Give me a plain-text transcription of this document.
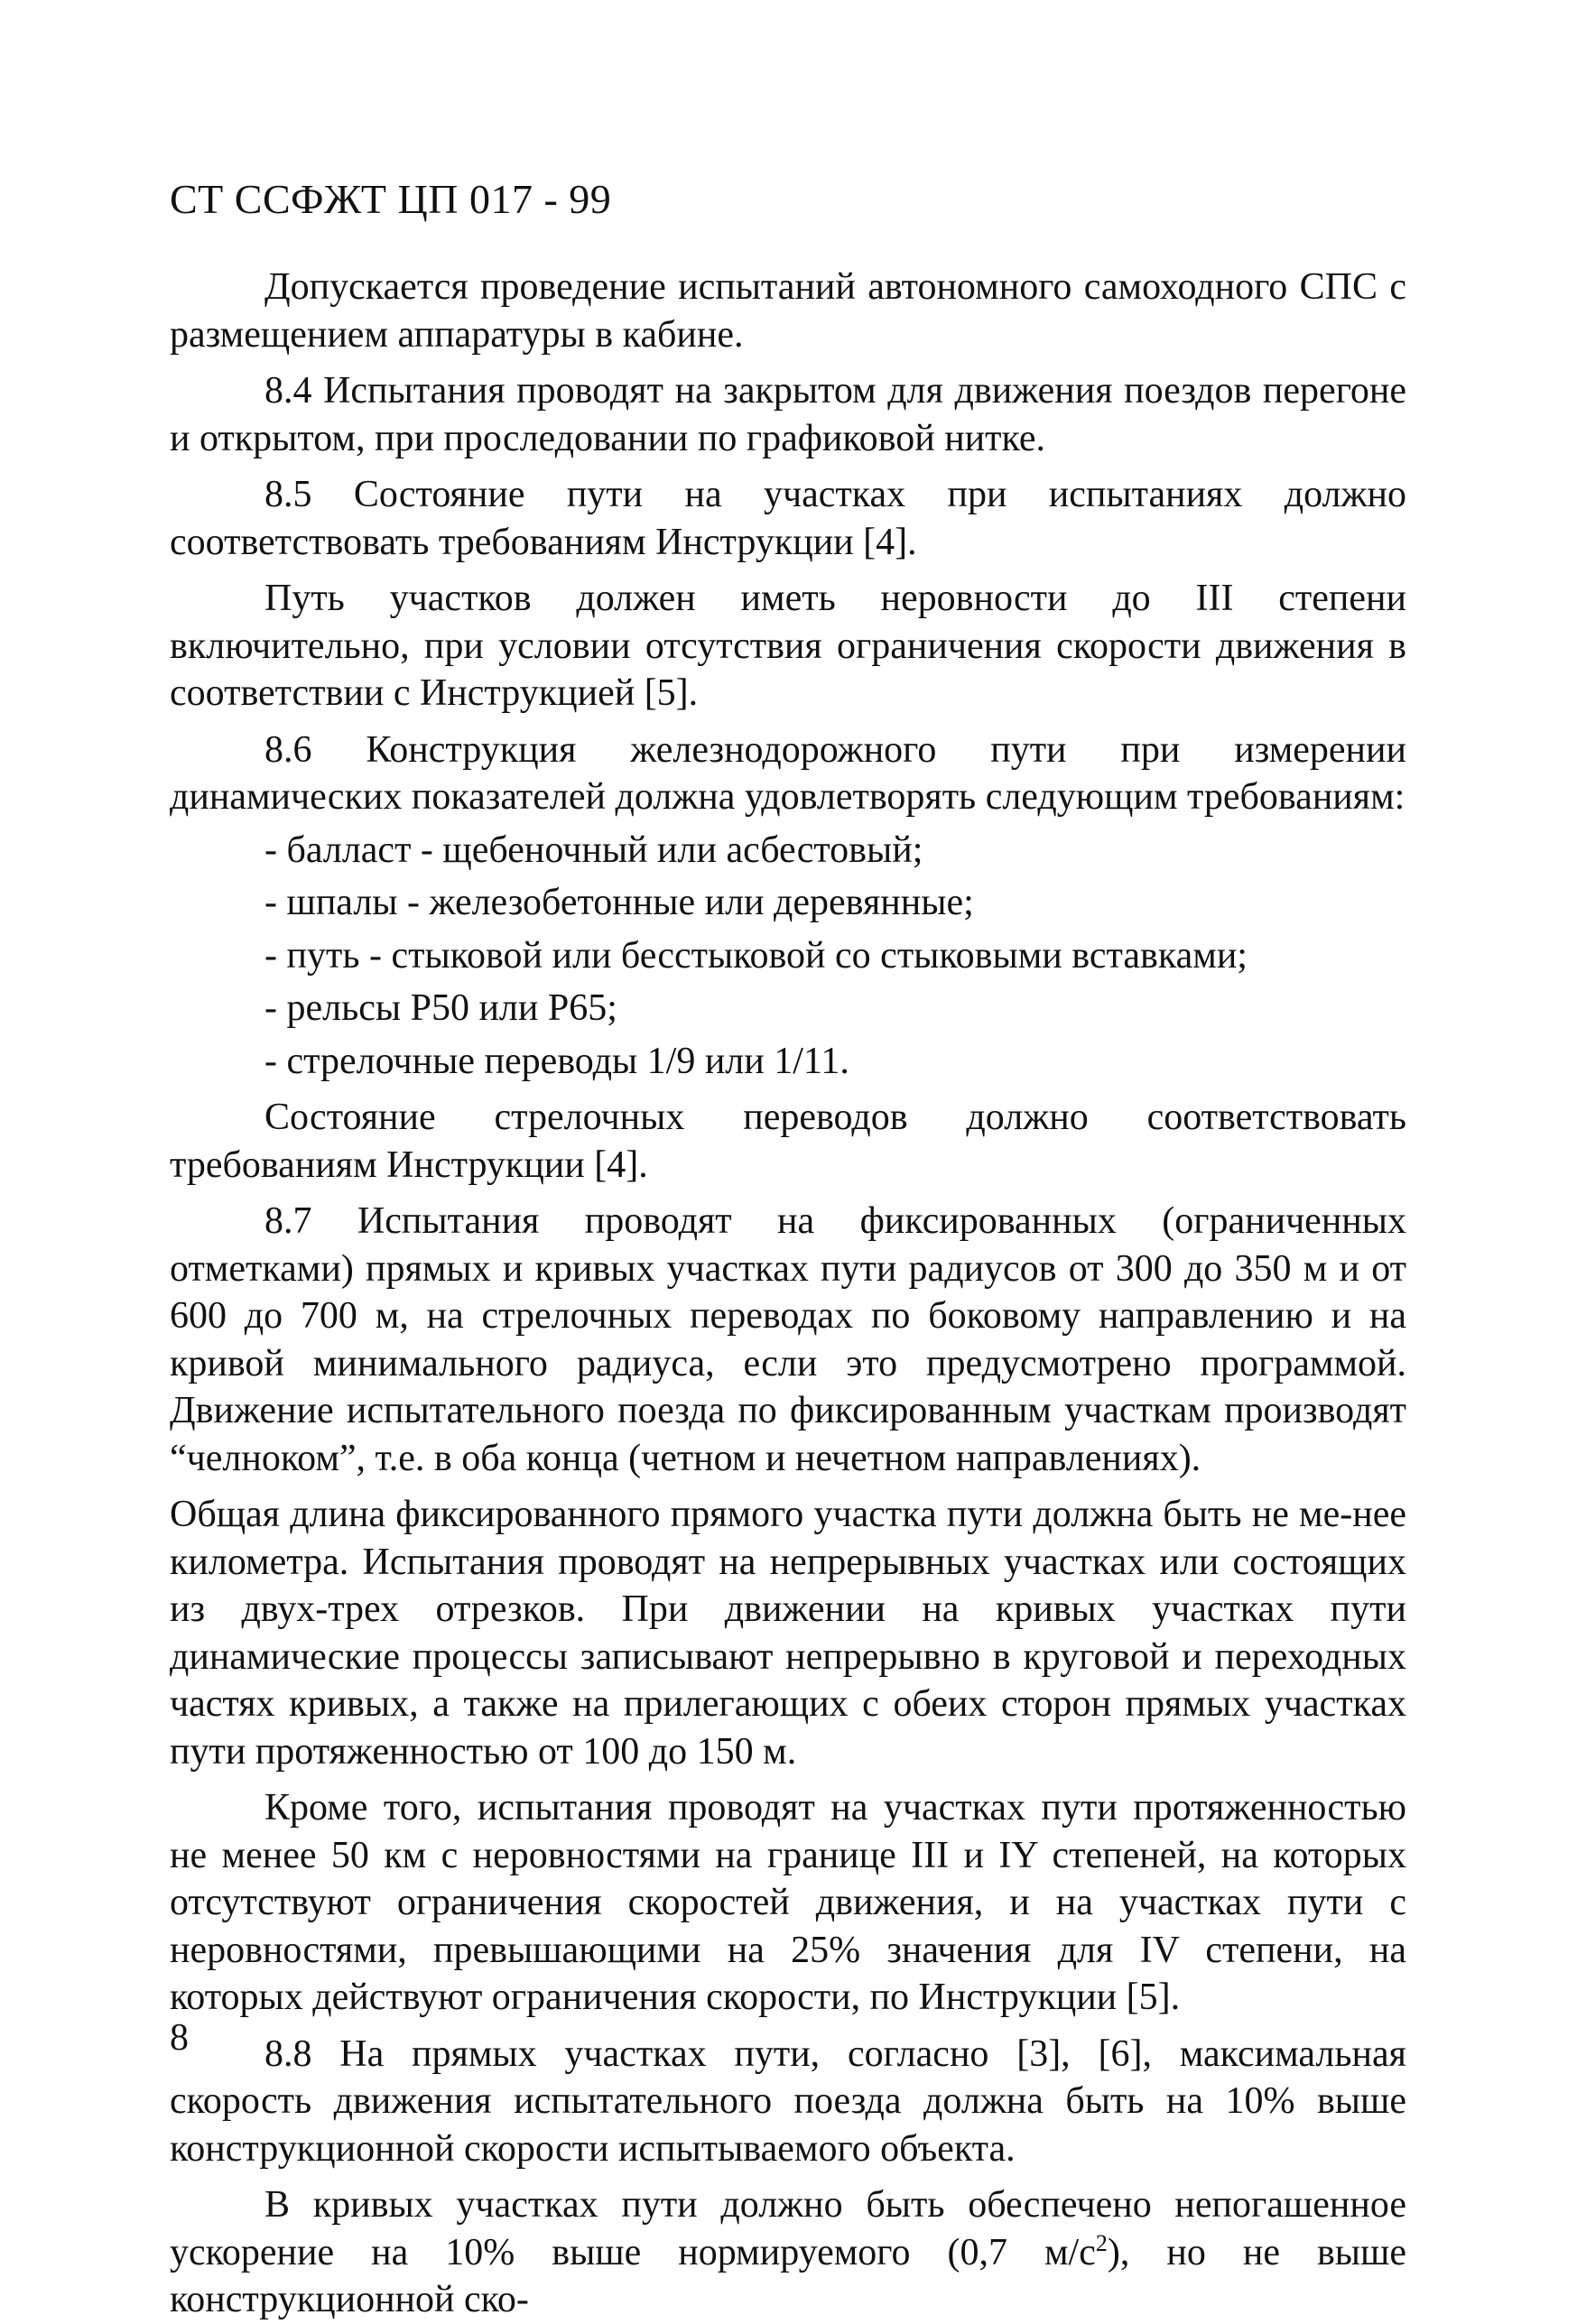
СТ ССФЖТ ЦП 017 - 99

Допускается проведение испытаний автономного самоходного СПС с размещением аппаратуры в кабине.

8.4 Испытания проводят на закрытом для движения поездов перегоне и открытом, при проследовании по графиковой нитке.

8.5 Состояние пути на участках при испытаниях должно соответствовать требованиям Инструкции [4].

Путь участков должен иметь неровности до III степени включительно, при условии отсутствия ограничения скорости движения в соответствии с Инструкцией [5].

8.6 Конструкция железнодорожного пути при измерении динамических показателей должна удовлетворять следующим требованиям:

- балласт - щебеночный или асбестовый;

- шпалы - железобетонные или деревянные;

- путь - стыковой или бесстыковой со стыковыми вставками;

- рельсы Р50 или Р65;

- стрелочные переводы 1/9 или 1/11.

Состояние стрелочных переводов должно соответствовать требованиям Инструкции [4].

8.7 Испытания проводят на фиксированных (ограниченных отметками) прямых и кривых участках пути радиусов от 300 до 350 м и от 600 до 700 м, на стрелочных переводах по боковому направлению и на кривой минимального радиуса, если это предусмотрено программой. Движение испытательного поезда по фиксированным участкам производят “челноком”, т.е. в оба конца (четном и нечетном направлениях).

Общая длина фиксированного прямого участка пути должна быть не ме-нее километра. Испытания проводят на непрерывных участках или состоящих из двух-трех отрезков. При движении на кривых участках пути динамические процессы записывают непрерывно в круговой и переходных частях кривых, а также на прилегающих с обеих сторон прямых участках пути протяженностью от 100 до 150 м.

Кроме того, испытания проводят на участках пути протяженностью не менее 50 км с неровностями на границе III и IY степеней, на которых отсутствуют ограничения скоростей движения, и на участках пути с неровностями, превышающими на 25% значения для IV степени, на которых действуют ограничения скорости, по Инструкции [5].

8.8 На прямых участках пути, согласно [3], [6], максимальная скорость движения испытательного поезда должна быть на 10% выше конструкционной скорости испытываемого объекта.

В кривых участках пути должно быть обеспечено непогашенное ускорение на 10% выше нормируемого (0,7 $м/с^2$), но не выше конструкционной ско-

8
